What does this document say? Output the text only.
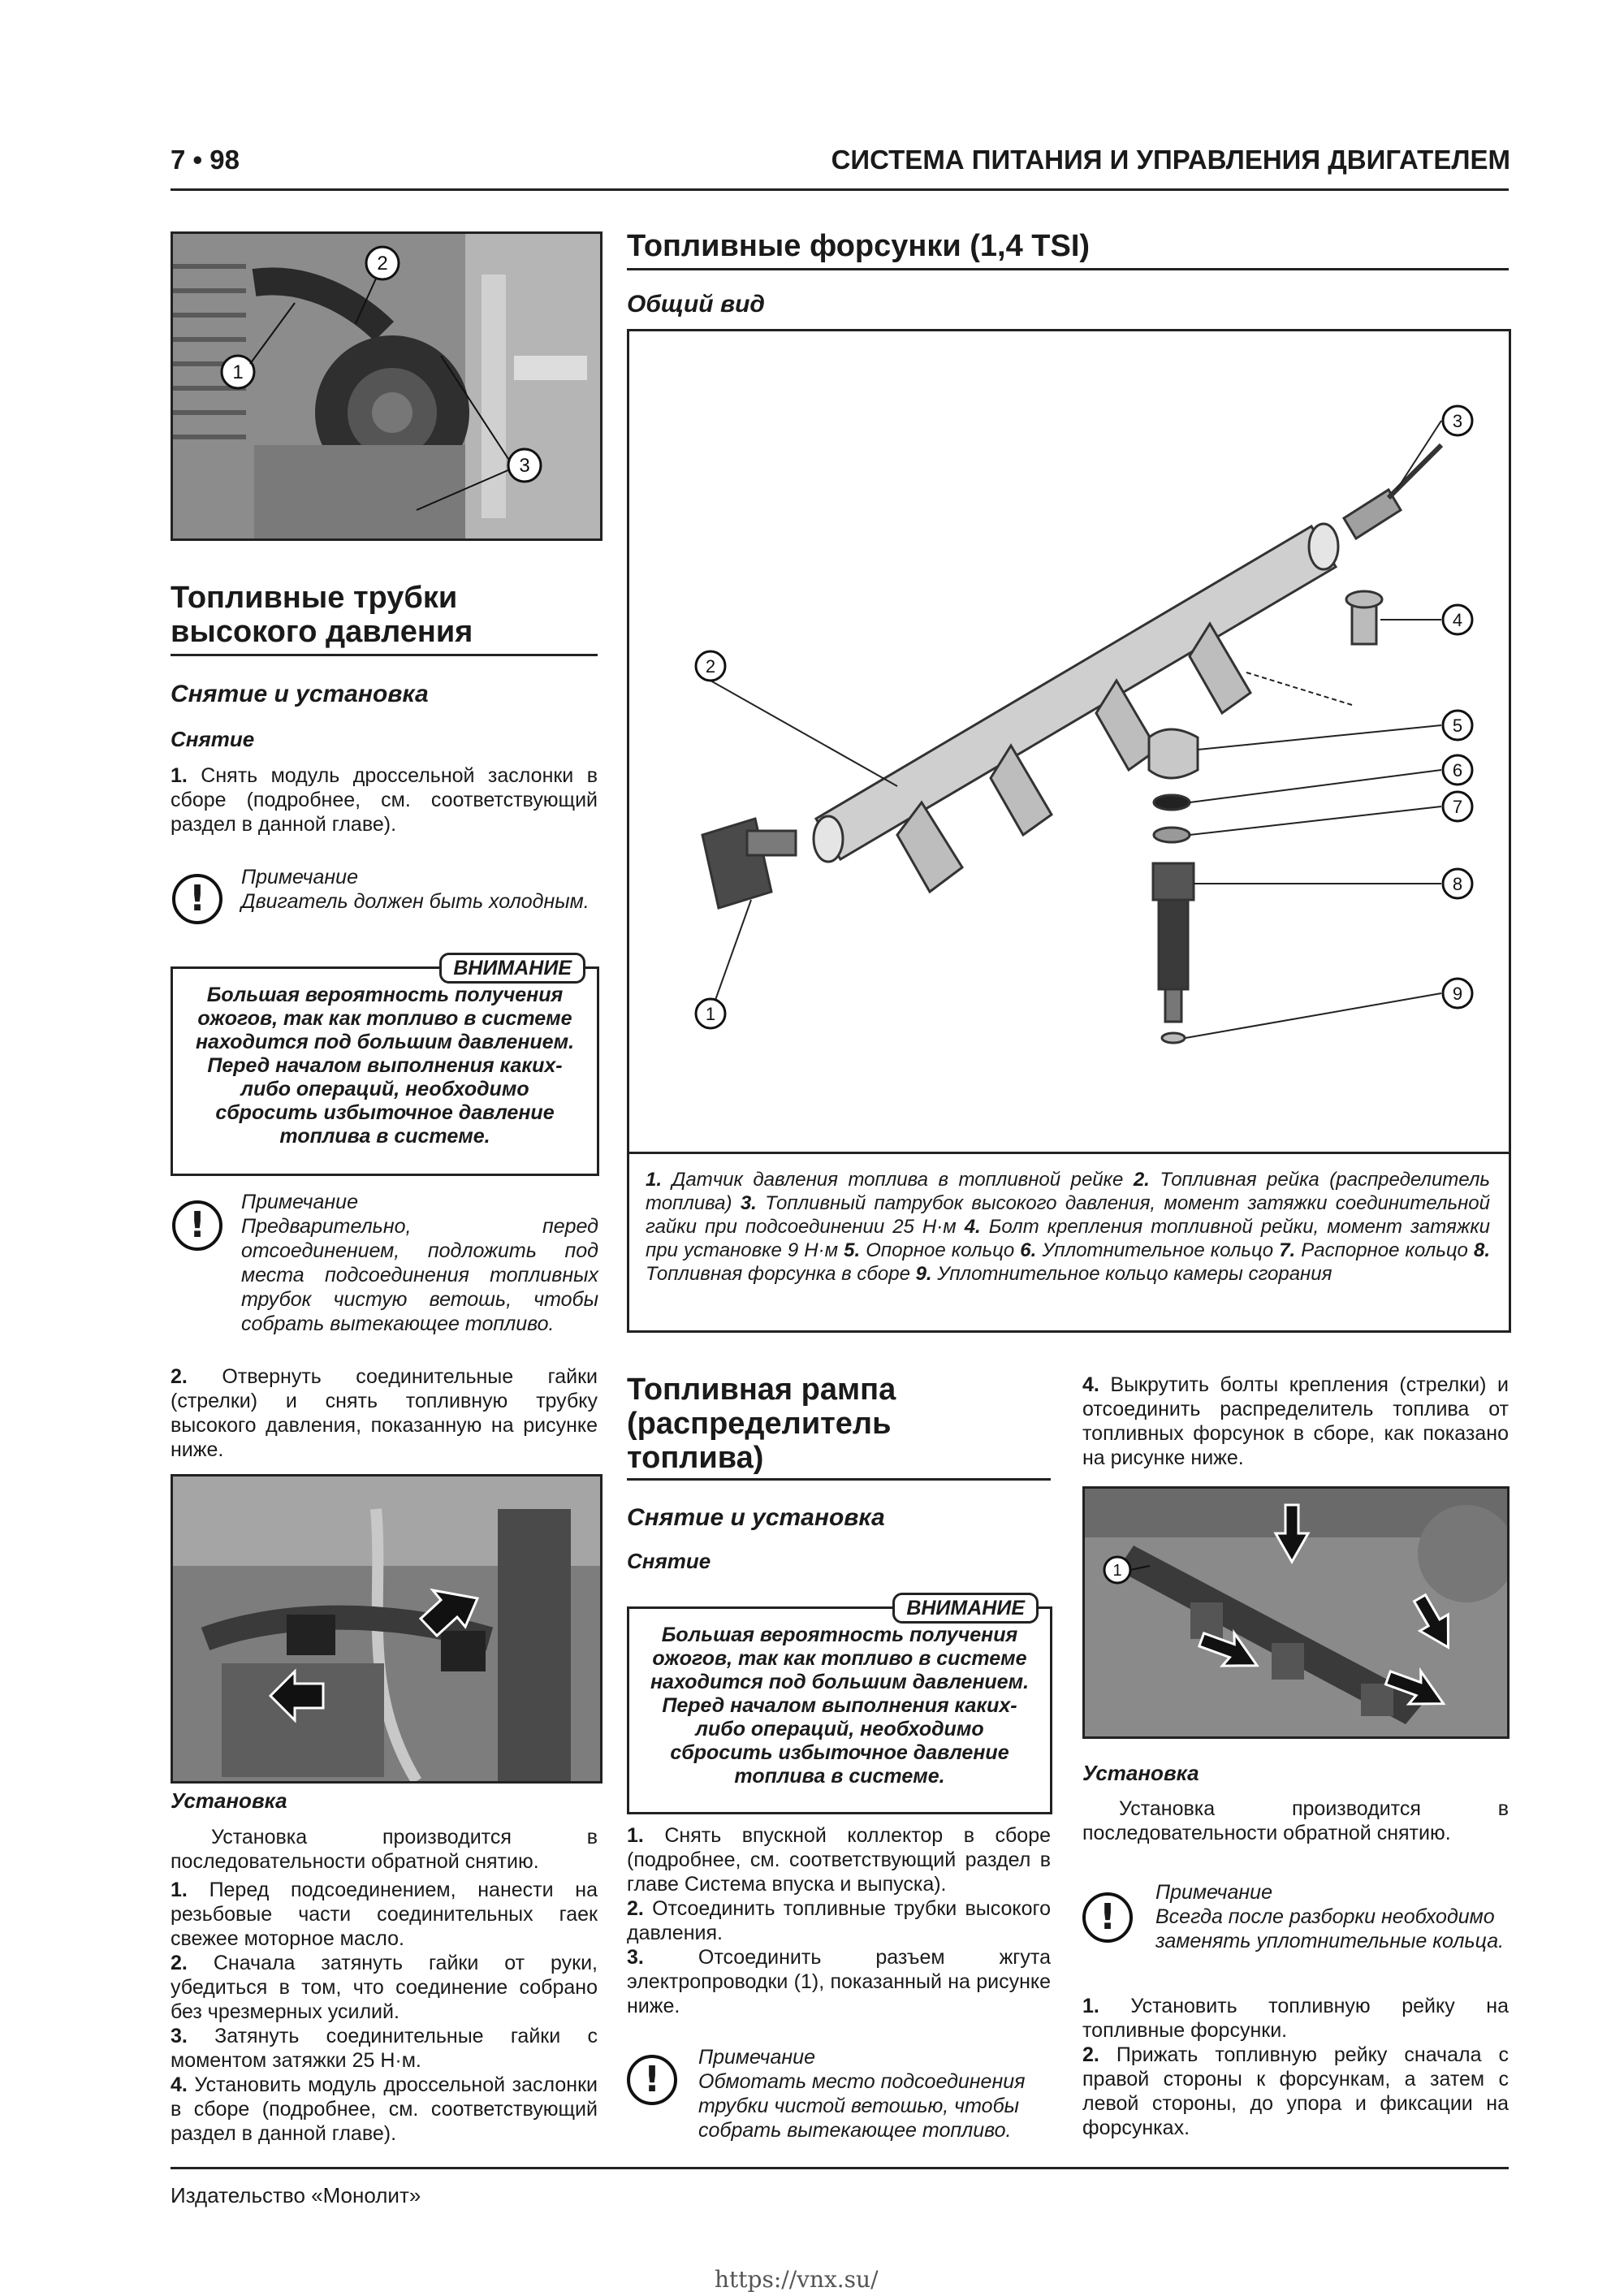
7 • 98	СИСТЕМА ПИТАНИЯ И УПРАВЛЕНИЯ ДВИГАТЕЛЕМ
2
1
3
Топливные трубки
высокого давления
Снятие и установка
Снятие
1. Снять модуль дроссельной заслонки в сборе (подробнее, см. соответствующий раздел в данной главе).
!
Примечание
Двигатель должен быть холодным.
ВНИМАНИЕ
Большая вероятность получения ожогов, так как топливо в системе находится под большим давлением. Перед началом выполнения каких-либо операций, необходимо сбросить избыточное давление топлива в системе.
!
Примечание
Предварительно, перед отсоединением, подложить под места подсоединения топливных трубок чистую ветошь, чтобы собрать вытекающее топливо.
2. Отвернуть соединительные гайки (стрелки) и снять топливную трубку высокого давления, показанную на рисунке ниже.
Установка
Установка производится в последовательности обратной снятию.
1. Перед подсоединением, нанести на резьбовые части соединительных гаек свежее моторное масло.
2. Сначала затянуть гайки от руки, убедиться в том, что соединение собрано без чрезмерных усилий.
3. Затянуть соединительные гайки с моментом затяжки 25 Н·м.
4. Установить модуль дроссельной заслонки в сборе (подробнее, см. соответствующий раздел в данной главе).
Топливные форсунки (1,4 TSI)
Общий вид
1
2
3
4
5
6
7
8
9
1. Датчик давления топлива в топливной рейке 2. Топливная рейка (распределитель топлива) 3. Топливный патрубок высокого давления, момент затяжки соединительной гайки при подсоединении 25 Н·м 4. Болт крепления топливной рейки, момент затяжки при установке 9 Н·м 5. Опорное кольцо 6. Уплотнительное кольцо 7. Распорное кольцо 8. Топливная форсунка в сборе 9. Уплотнительное кольцо камеры сгорания
Топливная рампа
(распределитель
топлива)
Снятие и установка
Снятие
ВНИМАНИЕ
Большая вероятность получения ожогов, так как топливо в системе находится под большим давлением. Перед началом выполнения каких-либо операций, необходимо сбросить избыточное давление топлива в системе.
1. Снять впускной коллектор в сборе (подробнее, см. соответствующий раздел в главе Система впуска и выпуска).
2. Отсоединить топливные трубки высокого давления.
3.	Отсоединить разъем жгута электропроводки (1), показанный на рисунке ниже.
!
Примечание
Обмотать место подсоединения трубки чистой ветошью, чтобы собрать вытекающее топливо.
4. Выкрутить болты крепления (стрелки) и отсоединить распределитель топлива от топливных форсунок в сборе, как показано на рисунке ниже.
1
Установка
Установка производится в последовательности обратной снятию.
!
Примечание
Всегда после разборки необходимо заменять уплотнительные кольца.
1. Установить топливную рейку на топливные форсунки.
2. Прижать топливную рейку сначала с правой стороны к форсункам, а затем с левой стороны, до упора и фиксации на форсунках.
Издательство «Монолит»
https://vnx.su/
